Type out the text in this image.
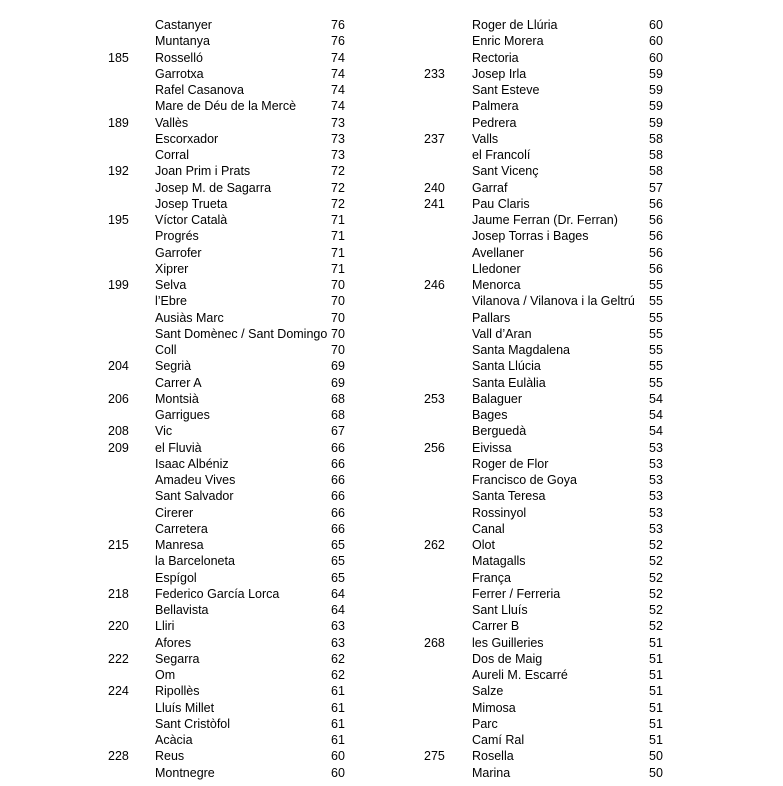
Castanyer	76
Muntanya	76
185 Rosselló	74
Garrotxa	74
Rafel Casanova	74
Mare de Déu de la Mercè	74
189 Vallès	73
Escorxador	73
Corral	73
192 Joan Prim i Prats	72
Josep M. de Sagarra	72
Josep Trueta	72
195 Víctor Català	71
Progrés	71
Garrofer	71
Xiprer	71
199 Selva	70
l’Ebre	70
Ausiàs Marc	70
Sant Domènec / Sant Domingo 70
Coll	70
204 Segrià	69
Carrer A	69
206 Montsià	68
Garrigues	68
208 Vic	67
209 el Fluvià	66
Isaac Albéniz	66
Amadeu Vives	66
Sant Salvador	66
Cirerer	66
Carretera	66
215 Manresa	65
la Barceloneta	65
Espígol	65
218 Federico García Lorca	64
Bellavista	64
220 Lliri	63
Afores	63
222 Segarra	62
Om	62
224 Ripollès	61
Lluís Millet	61
Sant Cristòfol	61
Acàcia	61
228 Reus	60
Montnegre	60
Roger de Llúria	60
Enric Morera	60
Rectoria	60
233 Josep Irla	59
Sant Esteve	59
Palmera	59
Pedrera	59
237 Valls	58
el Francolí	58
Sant Vicenç	58
240 Garraf	57
241 Pau Claris	56
Jaume Ferran (Dr. Ferran) 56
Josep Torras i Bages	56
Avellaner	56
Lledoner	56
246 Menorca	55
Vilanova / Vilanova i la Geltrú 55
Pallars	55
Vall d’Aran	55
Santa Magdalena	55
Santa Llúcia	55
Santa Eulàlia	55
253 Balaguer	54
Bages	54
Berguedà	54
256 Eivissa	53
Roger de Flor	53
Francisco de Goya	53
Santa Teresa	53
Rossinyol	53
Canal	53
262 Olot	52
Matagalls	52
França	52
Ferrer / Ferreria	52
Sant Lluís	52
Carrer B	52
268 les Guilleries	51
Dos de Maig	51
Aureli M. Escarré	51
Salze	51
Mimosa	51
Parc	51
Camí Ral	51
275 Rosella	50
Marina	50
